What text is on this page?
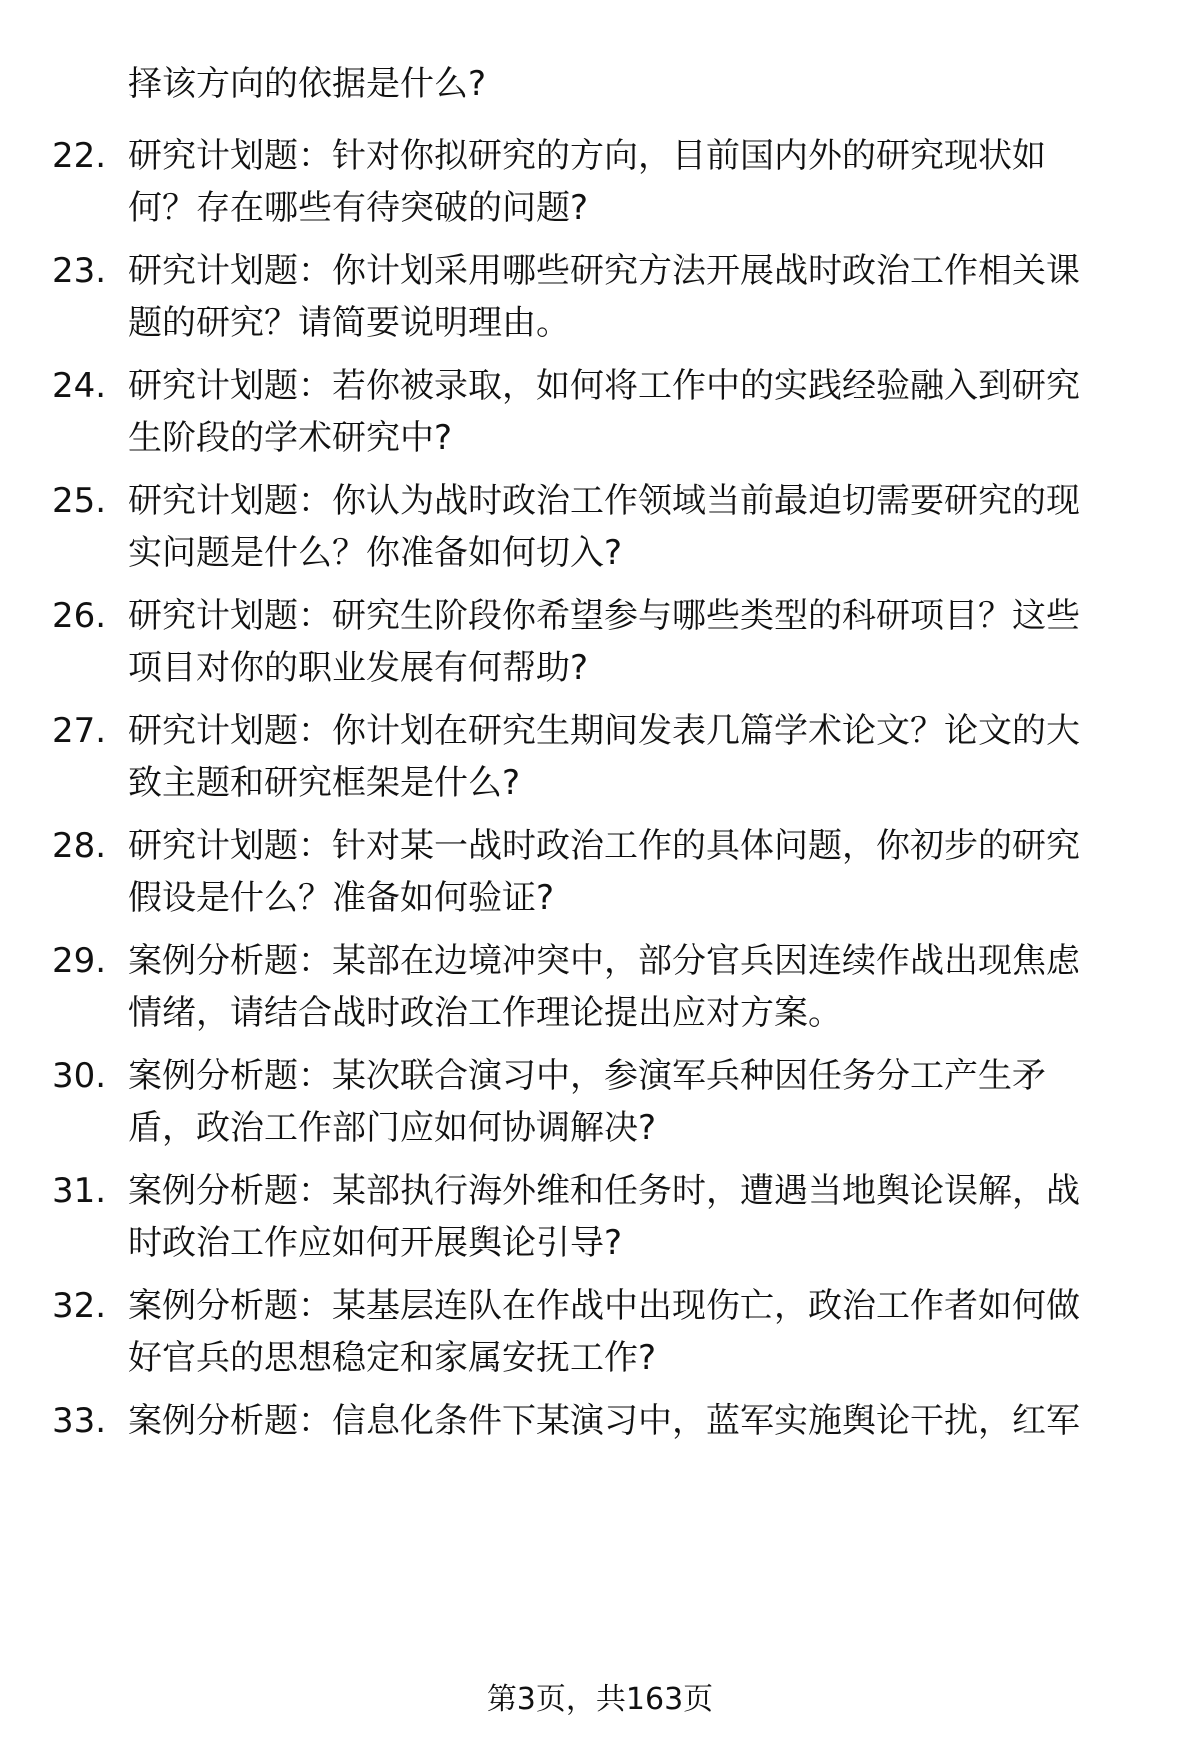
择该方向的依据是什么?
22. 研究计划题：针对你拟研究的方向，目前国内外的研究现状如
何？存在哪些有待突破的问题?
23. 研究计划题：你计划采用哪些研究方法开展战时政治工作相关课
题的研究？请简要说明理由。
24. 研究计划题：若你被录取，如何将工作中的实践经验融入到研究
生阶段的学术研究中?
25. 研究计划题：你认为战时政治工作领域当前最迫切需要研究的现
实问题是什么？你准备如何切入?
26. 研究计划题：研究生阶段你希望参与哪些类型的科研项目？这些
项目对你的职业发展有何帮助?
27. 研究计划题：你计划在研究生期间发表几篇学术论文？论文的大
致主题和研究框架是什么?
28. 研究计划题：针对某一战时政治工作的具体问题，你初步的研究
假设是什么？准备如何验证?
29. 案例分析题：某部在边境冲突中，部分官兵因连续作战出现焦虑
情绪，请结合战时政治工作理论提出应对方案。
30. 案例分析题：某次联合演习中，参演军兵种因任务分工产生矛
盾，政治工作部门应如何协调解决?
31. 案例分析题：某部执行海外维和任务时，遭遇当地舆论误解，战
时政治工作应如何开展舆论引导?
32. 案例分析题：某基层连队在作战中出现伤亡，政治工作者如何做
好官兵的思想稳定和家属安抚工作?
33. 案例分析题：信息化条件下某演习中，蓝军实施舆论干扰，红军
第3页，共163页
